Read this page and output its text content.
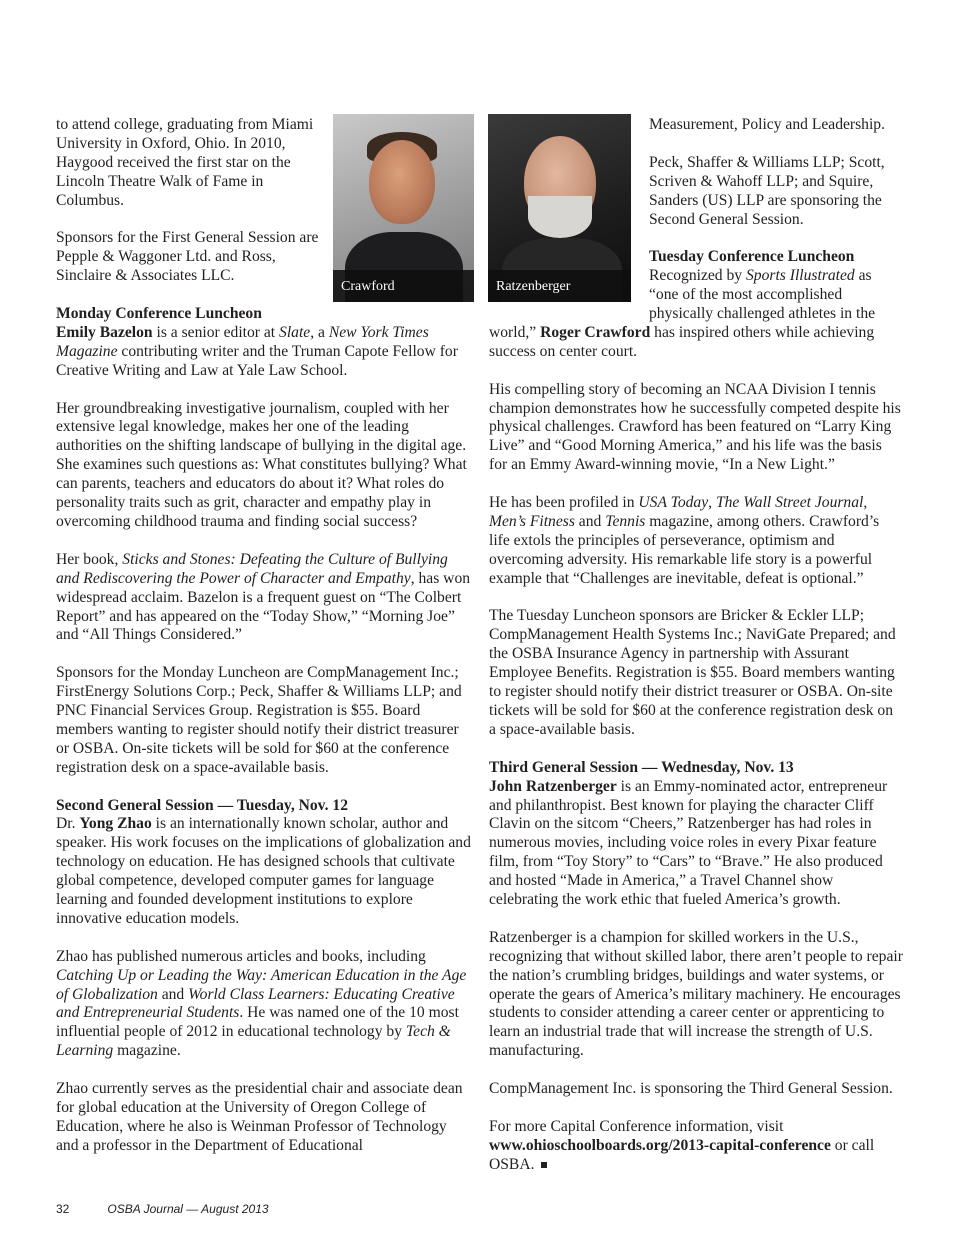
Crawford

to attend college, graduating from Miami University in Oxford, Ohio. In 2010, Haygood received the first star on the Lincoln Theatre Walk of Fame in Columbus.

Sponsors for the First General Session are Pepple & Waggoner Ltd. and Ross, Sinclaire & Associates LLC.

Monday Conference Luncheon

Emily Bazelon is a senior editor at Slate, a New York Times Magazine contributing writer and the Truman Capote Fellow for Creative Writing and Law at Yale Law School.

Her groundbreaking investigative journalism, coupled with her extensive legal knowledge, makes her one of the leading authorities on the shifting landscape of bullying in the digital age. She examines such questions as: What constitutes bullying? What can parents, teachers and educators do about it? What roles do personality traits such as grit, character and empathy play in overcoming childhood trauma and finding social success?

Her book, Sticks and Stones: Defeating the Culture of Bullying and Rediscovering the Power of Character and Empathy, has won widespread acclaim. Bazelon is a frequent guest on “The Colbert Report” and has appeared on the “Today Show,” “Morning Joe” and “All Things Considered.”

Sponsors for the Monday Luncheon are CompManagement Inc.; FirstEnergy Solutions Corp.; Peck, Shaffer & Williams LLP; and PNC Financial Services Group. Registration is $55. Board members wanting to register should notify their district treasurer or OSBA. On-site tickets will be sold for $60 at the conference registration desk on a space-available basis.

Second General Session — Tuesday, Nov. 12

Dr. Yong Zhao is an internationally known scholar, author and speaker. His work focuses on the implications of globalization and technology on education. He has designed schools that cultivate global competence, developed computer games for language learning and founded development institutions to explore innovative education models.

Zhao has published numerous articles and books, including Catching Up or Leading the Way: American Education in the Age of Globalization and World Class Learners: Educating Creative and Entrepreneurial Students. He was named one of the 10 most influential people of 2012 in educational technology by Tech & Learning magazine.

Zhao currently serves as the presidential chair and associate dean for global education at the University of Oregon College of Education, where he also is Weinman Professor of Technology and a professor in the Department of Educational

Ratzenberger

Measurement, Policy and Leadership.

Peck, Shaffer & Williams LLP; Scott, Scriven & Wahoff LLP; and Squire, Sanders (US) LLP are sponsoring the Second General Session.

Tuesday Conference Luncheon

Recognized by Sports Illustrated as “one of the most accomplished physically challenged athletes in the world,” Roger Crawford has inspired others while achieving success on center court.

His compelling story of becoming an NCAA Division I tennis champion demonstrates how he successfully competed despite his physical challenges. Crawford has been featured on “Larry King Live” and “Good Morning America,” and his life was the basis for an Emmy Award-winning movie, “In a New Light.”

He has been profiled in USA Today, The Wall Street Journal, Men’s Fitness and Tennis magazine, among others. Crawford’s life extols the principles of perseverance, optimism and overcoming adversity. His remarkable life story is a powerful example that “Challenges are inevitable, defeat is optional.”

The Tuesday Luncheon sponsors are Bricker & Eckler LLP; CompManagement Health Systems Inc.; NaviGate Prepared; and the OSBA Insurance Agency in partnership with Assurant Employee Benefits. Registration is $55. Board members wanting to register should notify their district treasurer or OSBA. On-site tickets will be sold for $60 at the conference registration desk on a space-available basis.

Third General Session — Wednesday, Nov. 13

John Ratzenberger is an Emmy-nominated actor, entrepreneur and philanthropist. Best known for playing the character Cliff Clavin on the sitcom “Cheers,” Ratzenberger has had roles in numerous movies, including voice roles in every Pixar feature film, from “Toy Story” to “Cars” to “Brave.” He also produced and hosted “Made in America,” a Travel Channel show celebrating the work ethic that fueled America’s growth.

Ratzenberger is a champion for skilled workers in the U.S., recognizing that without skilled labor, there aren’t people to repair the nation’s crumbling bridges, buildings and water systems, or operate the gears of America’s military machinery. He encourages students to consider attending a career center or apprenticing to learn an industrial trade that will increase the strength of U.S. manufacturing.

CompManagement Inc. is sponsoring the Third General Session.

For more Capital Conference information, visit www.ohioschoolboards.org/2013-capital-conference or call OSBA.

32	OSBA Journal — August 2013
